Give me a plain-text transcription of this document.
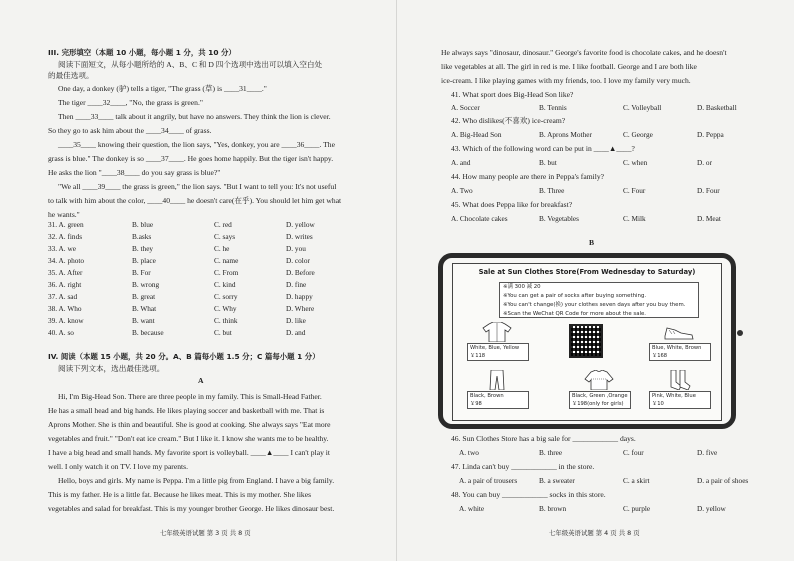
III. 完形填空（本题 10 小题，每小题 1 分，共 10 分）
阅读下面短文，从每小题所给的 A、B、C 和 D 四个选项中选出可以填入空白处
的最佳选项。
One day, a donkey (驴) tells a tiger, "The grass (草) is ____31____."
The tiger ____32____, "No, the grass is green."
Then ____33____ talk about it angrily, but have no answers. They think the lion is clever.
So they go to ask him about the ____34____ of grass.
____35____ knowing their question, the lion says, "Yes, donkey, you are ____36____. The
grass is blue." The donkey is so ____37____. He goes home happily. But the tiger isn't happy.
He asks the lion "____38____ do you say grass is blue?"
"We all ____39____ the grass is green," the lion says. "But I want to tell you: It's not useful
to talk with him about the color, ____40____ he doesn't care(在乎). You should let him get what
he wants."
31. A. green	B. blue	C. red	D. yellow
32. A. finds	B.asks	C. says	D. writes
33. A. we	B. they	C. he	D. you
34. A. photo	B. place	C. name	D. color
35. A. After	B. For	C. From	D. Before
36. A. right	B. wrong	C. kind	D. fine
37. A. sad	B. great	C. sorry	D. happy
38. A. Who	B. What	C. Why	D. Where
39. A. know	B. want	C. think	D. like
40. A. so	B. because	C. but	D. and
IV. 阅读（本题 15 小题，共 20 分。A、B 篇每小题 1.5 分；C 篇每小题 1 分）
阅读下列文本，选出最佳选项。
A
Hi, I'm Big-Head Son. There are three people in my family. This is Small-Head Father.
He has a small head and big hands. He likes playing soccer and basketball with me. That is
Aprons Mother. She is thin and beautiful. She is good at cooking. She always says "Eat more
vegetables and fruit." "Don't eat ice cream." But I like it. I know she wants me to be healthy.
I have a big head and small hands. My favorite sport is volleyball. ____▲____ I can't play it
well. I only watch it on TV. I love my parents.
Hello, boys and girls. My name is Peppa. I'm a little pig from England. I have a big family.
This is my father. He is a little fat. Because he likes meat. This is my mother. She likes
vegetables and salad for breakfast. This is my younger brother George. He likes dinosaur best.
七年级英语试题 第 3 页 共 8 页
He always says "dinosaur, dinosaur." George's favorite food is chocolate cakes, and he doesn't
like vegetables at all. The girl in red is me. I like football. George and I are both like
ice-cream. I like playing games with my friends, too. I love my family very much.
41. What sport does Big-Head Son like?
A. Soccer	B. Tennis	C. Volleyball	D. Basketball
42. Who dislikes(不喜欢) ice-cream?
A. Big-Head Son	B. Aprons Mother	C. George	D. Peppa
43. Which of the following word can be put in ____▲____?
A. and	B. but	C. when	D. or
44. How many people are there in Peppa's family?
A. Two	B. Three	C. Four	D. Four
45. What does Peppa like for breakfast?
A. Chocolate cakes	B. Vegetables	C. Milk	D. Meat
B
46. Sun Clothes Store has a big sale for ____________ days.
A. two	B. three	C. four	D. five
47. Linda can't buy ____________ in the store.
A. a pair of trousers	B. a sweater	C. a skirt	D. a pair of shoes
48. You can buy ____________ socks in this store.
A. white	B. brown	C. purple	D. yellow
七年级英语试题 第 4 页 共 8 页
Sale at Sun Clothes Store(From Wednesday to Saturday)
※满 300 减 20
※You can get a pair of socks after buying something.
※You can't change(换) your clothes seven days after you buy them.
※Scan the WeChat QR Code for more about the sale.
White, Blue, Yellow
￥118
Blue, White, Brown
￥168
Black, Brown
￥98
Black, Green ,Orange
￥198(only for girls)
Pink, White, Blue
￥10
